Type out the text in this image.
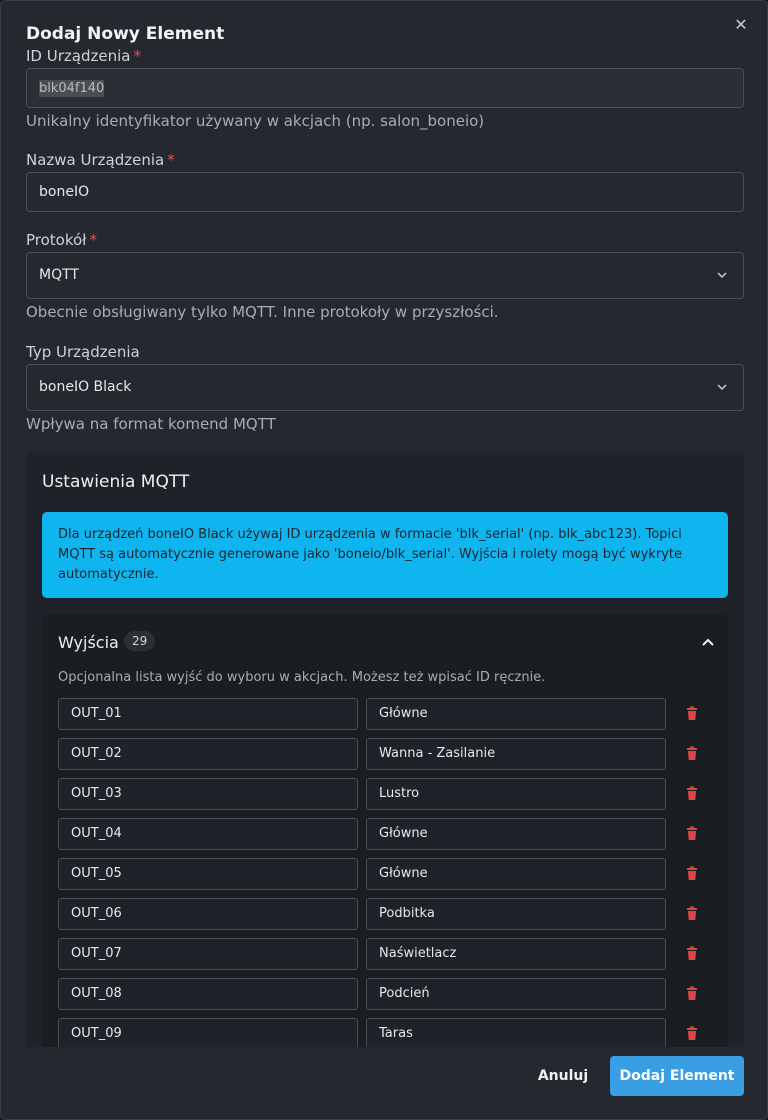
Dodaj Nowy Element	✕
ID Urządzenia *
blk04f140
Unikalny identyfikator używany w akcjach (np. salon_boneio)
Nazwa Urządzenia *
boneIO
Protokół *
MQTT
Obecnie obsługiwany tylko MQTT. Inne protokoły w przyszłości.
Typ Urządzenia
boneIO Black
Wpływa na format komend MQTT
Ustawienia MQTT
Dla urządzeń boneIO Black używaj ID urządzenia w formacie 'blk_serial' (np. blk_abc123). Topici MQTT są automatycznie generowane jako 'boneio/blk_serial'. Wyjścia i rolety mogą być wykryte automatycznie.
Wyjścia	29
Opcjonalna lista wyjść do wyboru w akcjach. Możesz też wpisać ID ręcznie.
OUT_01	Główne
OUT_02	Wanna - Zasilanie
OUT_03	Lustro
OUT_04	Główne
OUT_05	Główne
OUT_06	Podbitka
OUT_07	Naświetlacz
OUT_08	Podcień
OUT_09	Taras
Anuluj	Dodaj Element
